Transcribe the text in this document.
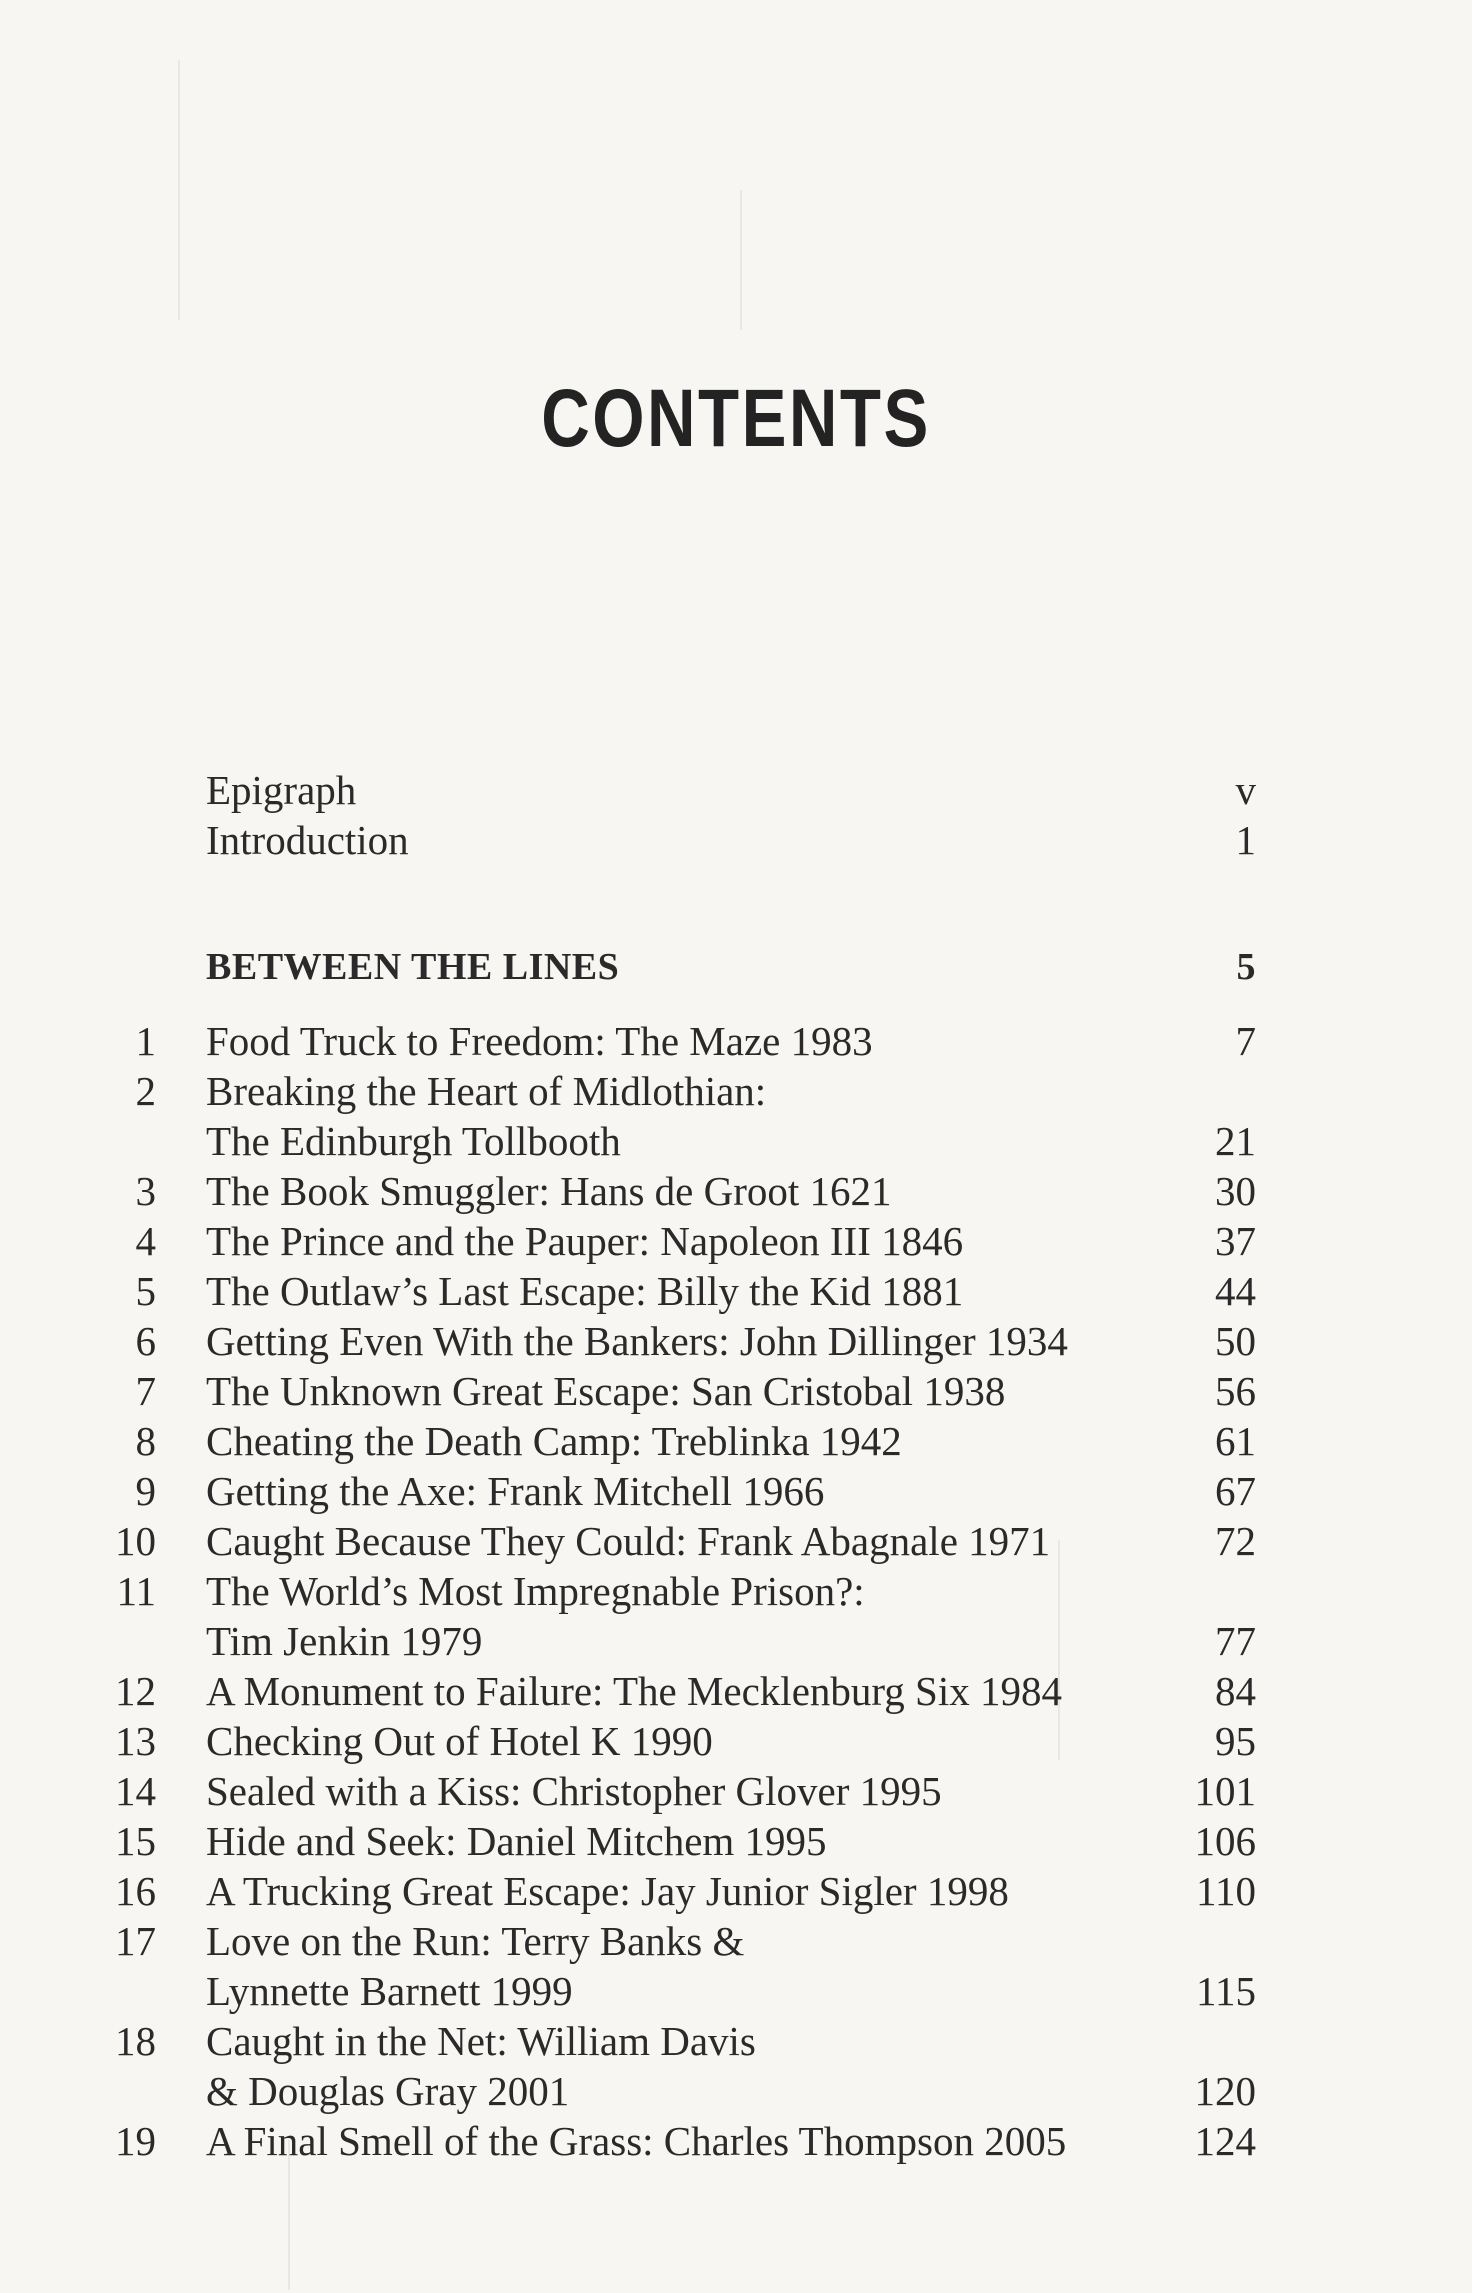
CONTENTS
Epigraph	v
Introduction	1
BETWEEN THE LINES	5
1 Food Truck to Freedom: The Maze 1983	7
2 Breaking the Heart of Midlothian:
The Edinburgh Tollbooth	21
3 The Book Smuggler: Hans de Groot 1621	30
4 The Prince and the Pauper: Napoleon III 1846	37
5 The Outlaw’s Last Escape: Billy the Kid 1881	44
6 Getting Even With the Bankers: John Dillinger 1934	50
7 The Unknown Great Escape: San Cristobal 1938	56
8 Cheating the Death Camp: Treblinka 1942	61
9 Getting the Axe: Frank Mitchell 1966	67
10 Caught Because They Could: Frank Abagnale 1971	72
11 The World’s Most Impregnable Prison?:
Tim Jenkin 1979	77
12 A Monument to Failure: The Mecklenburg Six 1984	84
13 Checking Out of Hotel K 1990	95
14 Sealed with a Kiss: Christopher Glover 1995	101
15 Hide and Seek: Daniel Mitchem 1995	106
16 A Trucking Great Escape: Jay Junior Sigler 1998	110
17 Love on the Run: Terry Banks &
Lynnette Barnett 1999	115
18 Caught in the Net: William Davis
& Douglas Gray 2001	120
19 A Final Smell of the Grass: Charles Thompson 2005	124
